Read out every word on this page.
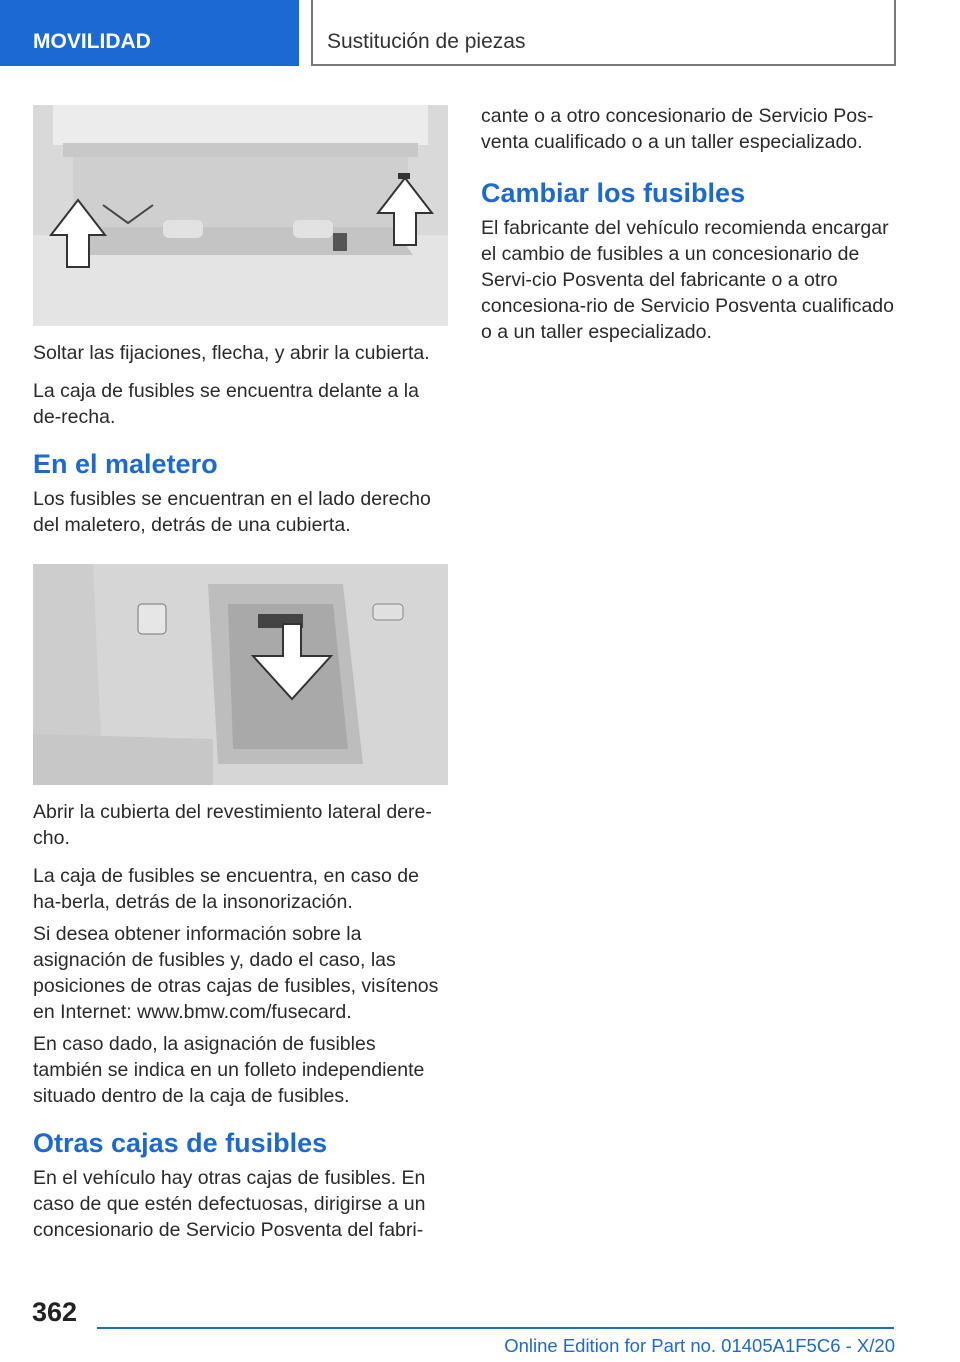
MOVILIDAD	Sustitución de piezas

Soltar las fijaciones, flecha, y abrir la cubierta.

La caja de fusibles se encuentra delante a la de-recha.

En el maletero

Los fusibles se encuentran en el lado derecho del maletero, detrás de una cubierta.

Abrir la cubierta del revestimiento lateral dere-cho.

La caja de fusibles se encuentra, en caso de ha-berla, detrás de la insonorización.

Si desea obtener información sobre la asignación de fusibles y, dado el caso, las posiciones de otras cajas de fusibles, visítenos en Internet: www.bmw.com/fusecard.

En caso dado, la asignación de fusibles también se indica en un folleto independiente situado dentro de la caja de fusibles.

Otras cajas de fusibles

En el vehículo hay otras cajas de fusibles. En caso de que estén defectuosas, dirigirse a un concesionario de Servicio Posventa del fabri-

cante o a otro concesionario de Servicio Pos-venta cualificado o a un taller especializado.

Cambiar los fusibles

El fabricante del vehículo recomienda encargar el cambio de fusibles a un concesionario de Servi-cio Posventa del fabricante o a otro concesiona-rio de Servicio Posventa cualificado o a un taller especializado.

362
Online Edition for Part no. 01405A1F5C6 - X/20
